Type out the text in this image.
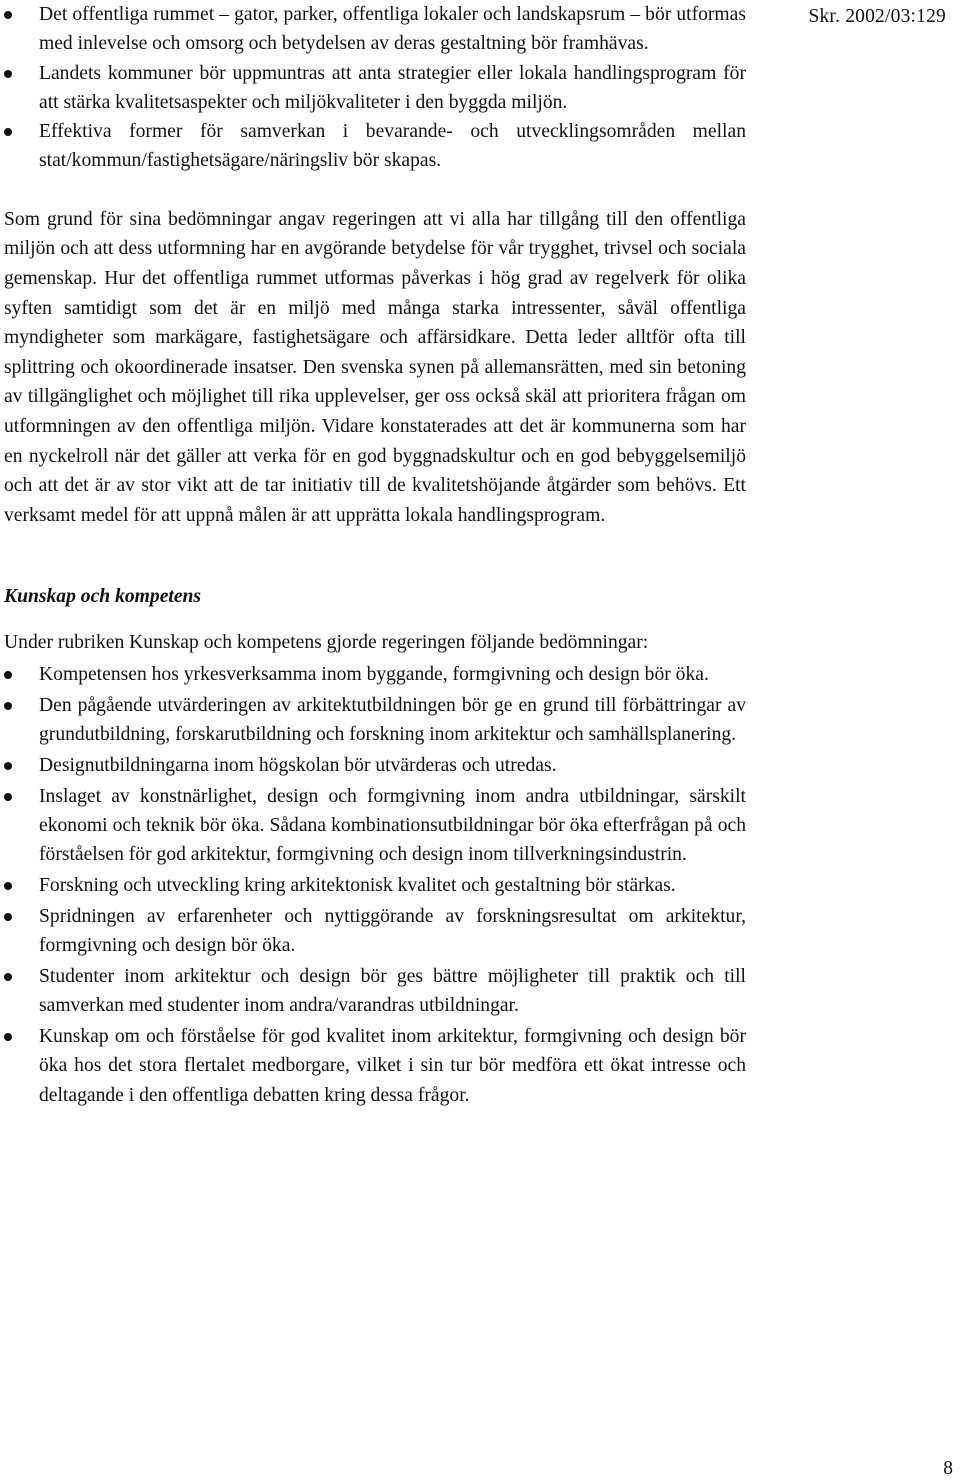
Skr. 2002/03:129
Det offentliga rummet – gator, parker, offentliga lokaler och landskapsrum – bör utformas med inlevelse och omsorg och betydelsen av deras gestaltning bör framhävas.
Landets kommuner bör uppmuntras att anta strategier eller lokala handlingsprogram för att stärka kvalitetsaspekter och miljökvaliteter i den byggda miljön.
Effektiva former för samverkan i bevarande- och utvecklingsområden mellan stat/kommun/fastighetsägare/näringsliv bör skapas.

Som grund för sina bedömningar angav regeringen att vi alla har tillgång till den offentliga miljön och att dess utformning har en avgörande betydelse för vår trygghet, trivsel och sociala gemenskap. Hur det offentliga rummet utformas påverkas i hög grad av regelverk för olika syften samtidigt som det är en miljö med många starka intressenter, såväl offentliga myndigheter som markägare, fastighetsägare och affärsidkare. Detta leder alltför ofta till splittring och okoordinerade insatser. Den svenska synen på allemansrätten, med sin betoning av tillgänglighet och möjlighet till rika upplevelser, ger oss också skäl att prioritera frågan om utformningen av den offentliga miljön. Vidare konstaterades att det är kommunerna som har en nyckelroll när det gäller att verka för en god byggnadskultur och en god bebyggelsemiljö och att det är av stor vikt att de tar initiativ till de kvalitetshöjande åtgärder som behövs. Ett verksamt medel för att uppnå målen är att upprätta lokala handlingsprogram.

Kunskap och kompetens

Under rubriken Kunskap och kompetens gjorde regeringen följande bedömningar:

Kompetensen hos yrkesverksamma inom byggande, formgivning och design bör öka.
Den pågående utvärderingen av arkitektutbildningen bör ge en grund till förbättringar av grundutbildning, forskarutbildning och forskning inom arkitektur och samhällsplanering.
Designutbildningarna inom högskolan bör utvärderas och utredas.
Inslaget av konstnärlighet, design och formgivning inom andra utbildningar, särskilt ekonomi och teknik bör öka. Sådana kombinationsutbildningar bör öka efterfrågan på och förståelsen för god arkitektur, formgivning och design inom tillverkningsindustrin.
Forskning och utveckling kring arkitektonisk kvalitet och gestaltning bör stärkas.
Spridningen av erfarenheter och nyttiggörande av forskningsresultat om arkitektur, formgivning och design bör öka.
Studenter inom arkitektur och design bör ges bättre möjligheter till praktik och till samverkan med studenter inom andra/varandras utbildningar.
Kunskap om och förståelse för god kvalitet inom arkitektur, formgivning och design bör öka hos det stora flertalet medborgare, vilket i sin tur bör medföra ett ökat intresse och deltagande i den offentliga debatten kring dessa frågor.
8
